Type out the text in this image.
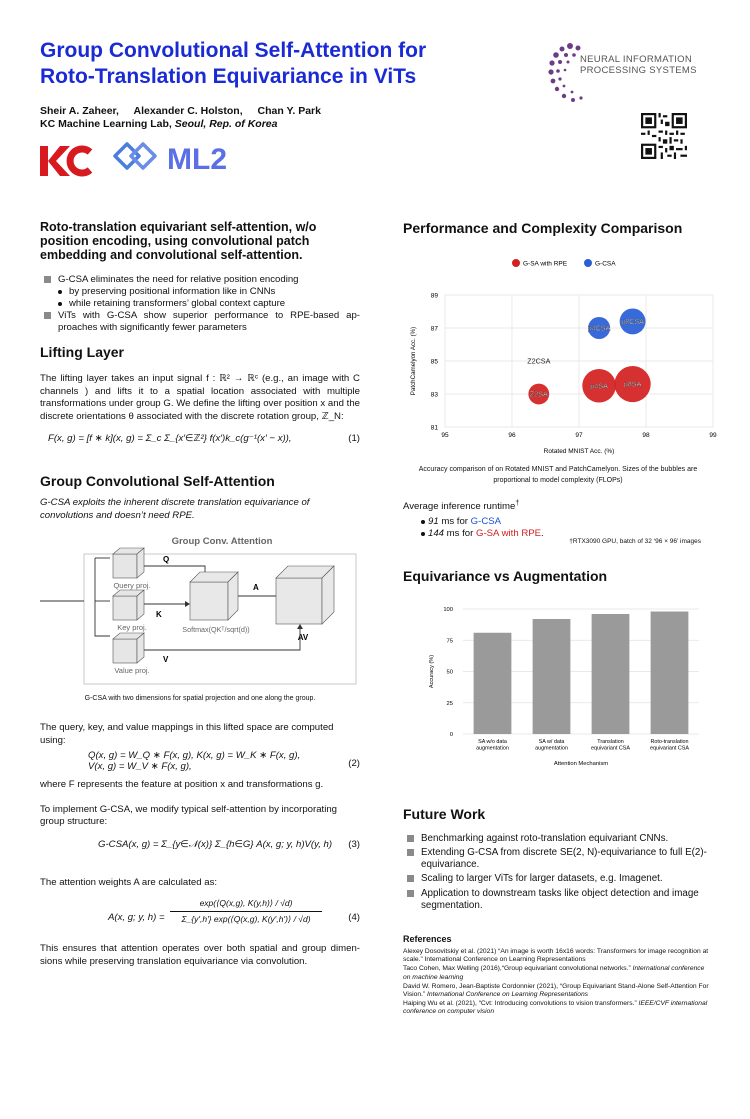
Group Convolutional Self-Attention for
Roto-Translation Equivariance in ViTs
Sheir A. Zaheer, Alexander C. Holston, Chan Y. Park
KC Machine Learning Lab, Seoul, Rep. of Korea
ML2
NEURAL INFORMATION
PROCESSING SYSTEMS
Roto-translation equivariant self-attention, w/o position encoding, using convolutional patch embedding and convolutional self-attention.
G-CSA eliminates the need for relative position encoding
by preserving positional information like in CNNs
while retaining transformers’ global context capture
ViTs with G-CSA show superior performance to RPE-based ap-proaches with significantly fewer parameters
Lifting Layer
The lifting layer takes an input signal f : ℝ² → ℝᶜ (e.g., an image with C channels ) and lifts it to a spatial location associated with multiple transformations under group G. We define the lifting over position x and the discrete orientations θ associated with the discrete rotation group, ℤ_N:
F(x, g) = [f ∗ k](x, g) = Σ_c Σ_{x′∈ℤ²} f(x′)k_c(g⁻¹(x′ − x)),	(1)
Group Convolutional Self-Attention
G-CSA exploits the inherent discrete translation equivariance of convolutions and doesn’t need RPE.
Group Conv. Attention
Query proj.
Key proj.
Value proj.
Q
K
Softmax(QKᵀ/sqrt(d))
A
AV
V
G-CSA with two dimensions for spatial projection and one along the group.
The query, key, and value mappings in this lifted space are computed using:
Q(x, g) = W_Q ∗ F(x, g), K(x, g) = W_K ∗ F(x, g),
V(x, g) = W_V ∗ F(x, g),	(2)
where F represents the feature at position x and transformations g.
To implement G-CSA, we modify typical self-attention by incorporating group structure:
G-CSA(x, g) = Σ_{y∈𝒩(x)} Σ_{h∈G} A(x, g; y, h)V(y, h) (3)
The attention weights A are calculated as:
A(x, g; y, $h) = \frac{\exp(⟨Q(x,g), K(y,h)⟩ / √d)}{\Sigma\_\{y',h'\} \exp(⟨Q(x,g), K(y',h')⟩ / √d)}$	(4)
This ensures that attention operates over both spatial and group dimen-sions while preserving translation equivariance via convolution.
Performance and Complexity Comparison
G-SA with RPE	G-CSA
95	96	97	98	99
81
83
85
87
89
Rotated MNIST Acc. (%)
PatchCamelyon Acc. (%)	Z2SA
p4SA p8SA
Z2CSA
p4CSA
p8CSA
Accuracy comparison of on Rotated MNIST and PatchCamelyon. Sizes of the bubbles are proportional to model complexity (FLOPs)
Average inference runtime†
91 ms for G-CSA
144 ms for G-SA with RPE.
†RTX3090 GPU, batch of 32 ‘96 × 96’ images
Equivariance vs Augmentation
0
25
50
75
100
Accuracy (%)
SA w/o data
augmentation
SA w/ data
augmentation
Translation
equivariant CSA
Roto-translation
equivariant CSA
Attention Mechanism
Future Work
Benchmarking against roto-translation equivariant CNNs.
Extending G-CSA from discrete SE(2, N)-equivariance to full E(2)-equivariance.
Scaling to larger ViTs for larger datasets, e.g. Imagenet.
Application to downstream tasks like object detection and image segmentation.
References

Alexey Dosovitskiy et al. (2021) “An image is worth 16x16 words: Transformers for image recognition at scale.” International Conference on Learning Representations

Taco Cohen, Max Welling (2016),“Group equivariant convolutional networks.” International conference on machine learning

David W. Romero, Jean-Baptiste Cordonnier (2021), “Group Equivariant Stand-Alone Self-Attention For Vision.” International Conference on Learning Representations

Haiping Wu et al. (2021), “Cvt: Introducing convolutions to vision transformers.” IEEE/CVF international conference on computer vision
